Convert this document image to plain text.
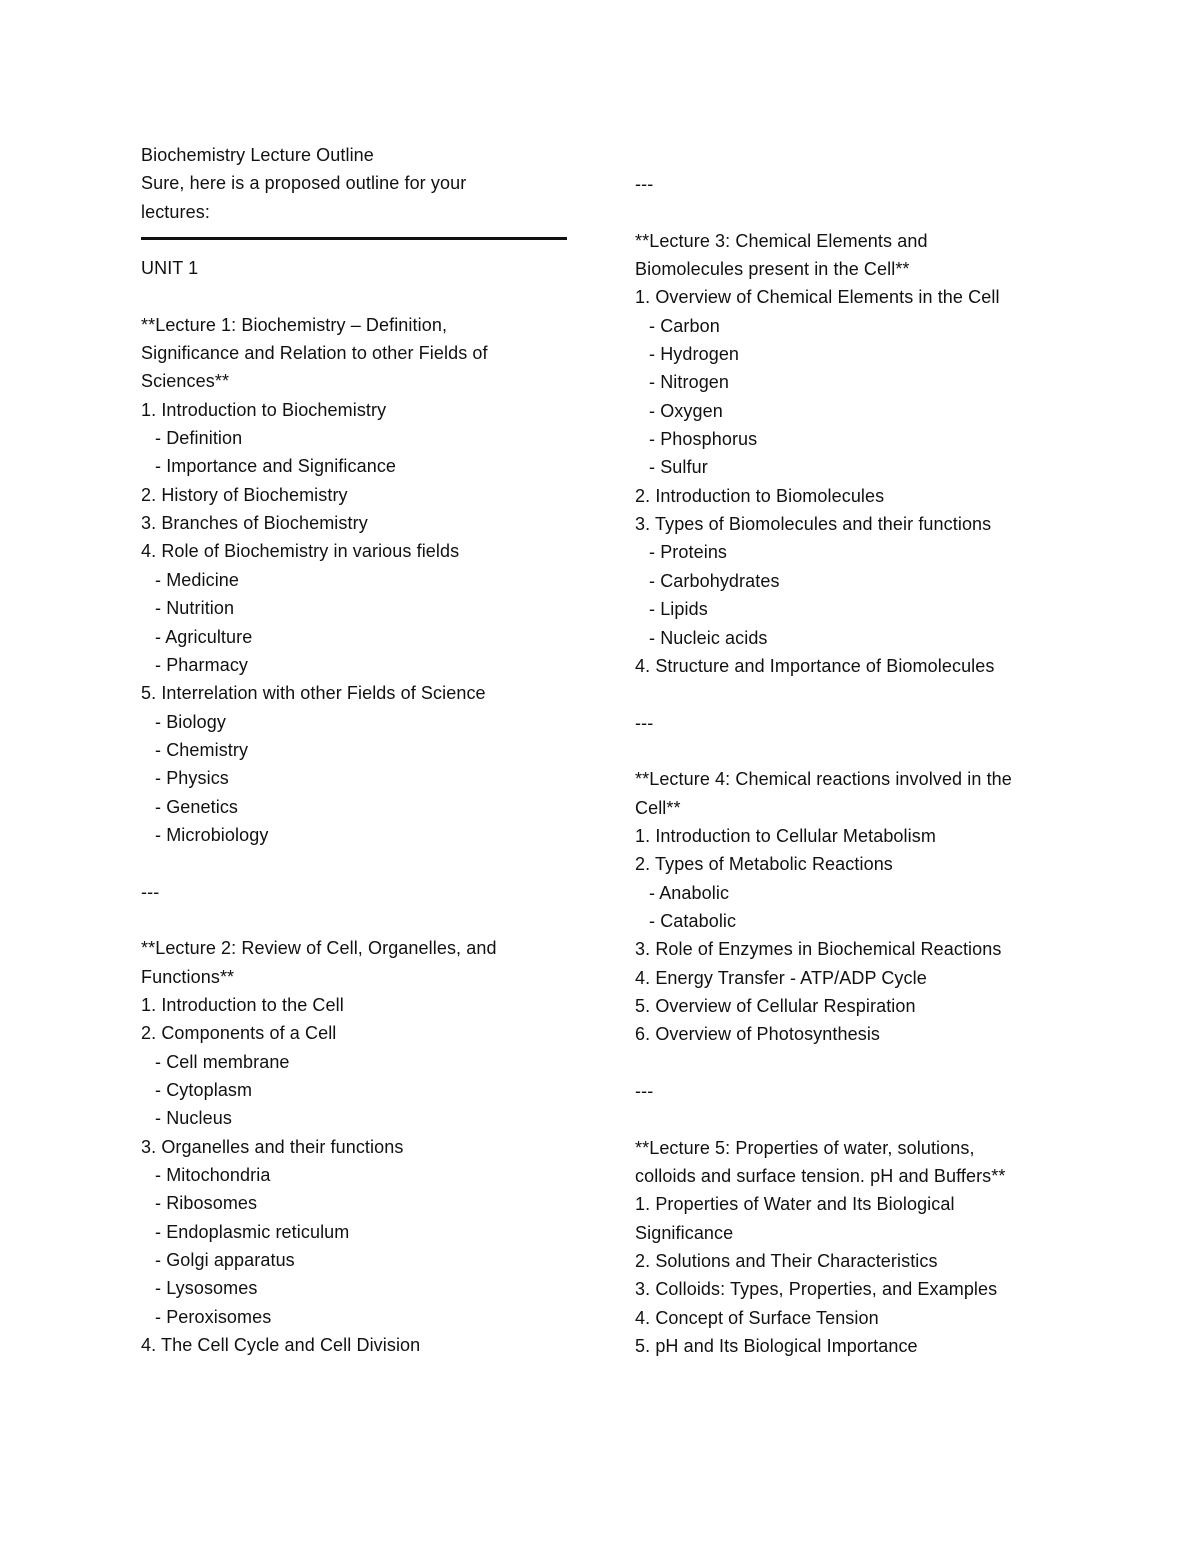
Biochemistry Lecture Outline
Sure, here is a proposed outline for your
lectures:
UNIT 1
**Lecture 1: Biochemistry – Definition,
Significance and Relation to other Fields of
Sciences**
1. Introduction to Biochemistry
- Definition
- Importance and Significance
2. History of Biochemistry
3. Branches of Biochemistry
4. Role of Biochemistry in various fields
- Medicine
- Nutrition
- Agriculture
- Pharmacy
5. Interrelation with other Fields of Science
- Biology
- Chemistry
- Physics
- Genetics
- Microbiology
---
**Lecture 2: Review of Cell, Organelles, and
Functions**
1. Introduction to the Cell
2. Components of a Cell
- Cell membrane
- Cytoplasm
- Nucleus
3. Organelles and their functions
- Mitochondria
- Ribosomes
- Endoplasmic reticulum
- Golgi apparatus
- Lysosomes
- Peroxisomes
4. The Cell Cycle and Cell Division
---
**Lecture 3: Chemical Elements and
Biomolecules present in the Cell**
1. Overview of Chemical Elements in the Cell
- Carbon
- Hydrogen
- Nitrogen
- Oxygen
- Phosphorus
- Sulfur
2. Introduction to Biomolecules
3. Types of Biomolecules and their functions
- Proteins
- Carbohydrates
- Lipids
- Nucleic acids
4. Structure and Importance of Biomolecules
---
**Lecture 4: Chemical reactions involved in the
Cell**
1. Introduction to Cellular Metabolism
2. Types of Metabolic Reactions
- Anabolic
- Catabolic
3. Role of Enzymes in Biochemical Reactions
4. Energy Transfer - ATP/ADP Cycle
5. Overview of Cellular Respiration
6. Overview of Photosynthesis
---
**Lecture 5: Properties of water, solutions,
colloids and surface tension. pH and Buffers**
1. Properties of Water and Its Biological
Significance
2. Solutions and Their Characteristics
3. Colloids: Types, Properties, and Examples
4. Concept of Surface Tension
5. pH and Its Biological Importance
